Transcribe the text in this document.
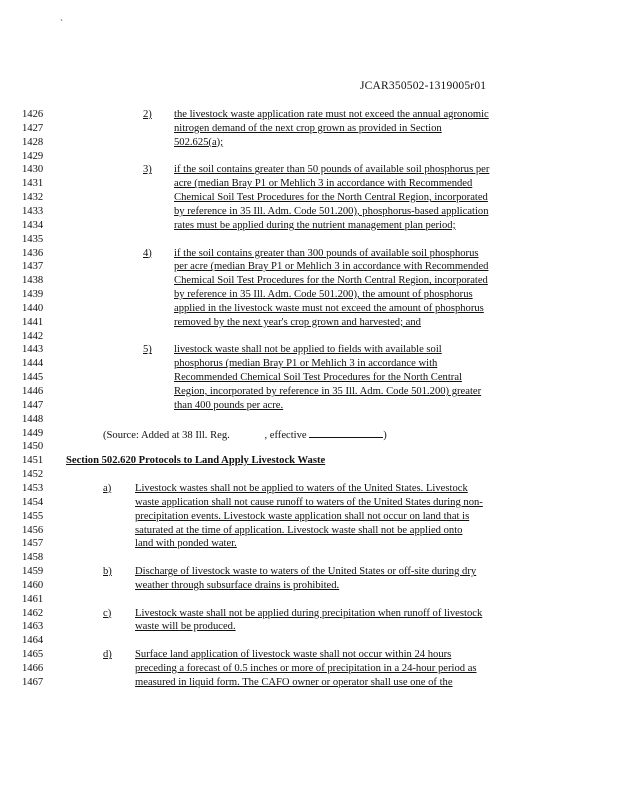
`
JCAR350502-1319005r01
1426	2) the livestock waste application rate must not exceed the annual agronomic
1427	nitrogen demand of the next crop grown as provided in Section
1428	502.625(a);
1429
1430	3) if the soil contains greater than 50 pounds of available soil phosphorus per
1431	acre (median Bray P1 or Mehlich 3 in accordance with Recommended
1432	Chemical Soil Test Procedures for the North Central Region, incorporated
1433	by reference in 35 Ill. Adm. Code 501.200), phosphorus-based application
1434	rates must be applied during the nutrient management plan period;
1435
1436	4) if the soil contains greater than 300 pounds of available soil phosphorus
1437	per acre (median Bray P1 or Mehlich 3 in accordance with Recommended
1438	Chemical Soil Test Procedures for the North Central Region, incorporated
1439	by reference in 35 Ill. Adm. Code 501.200), the amount of phosphorus
1440	applied in the livestock waste must not exceed the amount of phosphorus
1441	removed by the next year's crop grown and harvested; and
1442
1443	5) livestock waste shall not be applied to fields with available soil
1444	phosphorus (median Bray P1 or Mehlich 3 in accordance with
1445	Recommended Chemical Soil Test Procedures for the North Central
1446	Region, incorporated by reference in 35 Ill. Adm. Code 501.200) greater
1447	than 400 pounds per acre.
1448
1449	(Source: Added at 38 Ill. Reg.	, effective	)
1450
1451 Section 502.620 Protocols to Land Apply Livestock Waste
1452
1453	a) Livestock wastes shall not be applied to waters of the United States. Livestock
1454	waste application shall not cause runoff to waters of the United States during non-
1455	precipitation events. Livestock waste application shall not occur on land that is
1456	saturated at the time of application. Livestock waste shall not be applied onto
1457	land with ponded water.
1458
1459	b) Discharge of livestock waste to waters of the United States or off-site during dry
1460	weather through subsurface drains is prohibited.
1461
1462	c) Livestock waste shall not be applied during precipitation when runoff of livestock
1463	waste will be produced.
1464
1465	d) Surface land application of livestock waste shall not occur within 24 hours
1466	preceding a forecast of 0.5 inches or more of precipitation in a 24-hour period as
1467	measured in liquid form. The CAFO owner or operator shall use one of the
